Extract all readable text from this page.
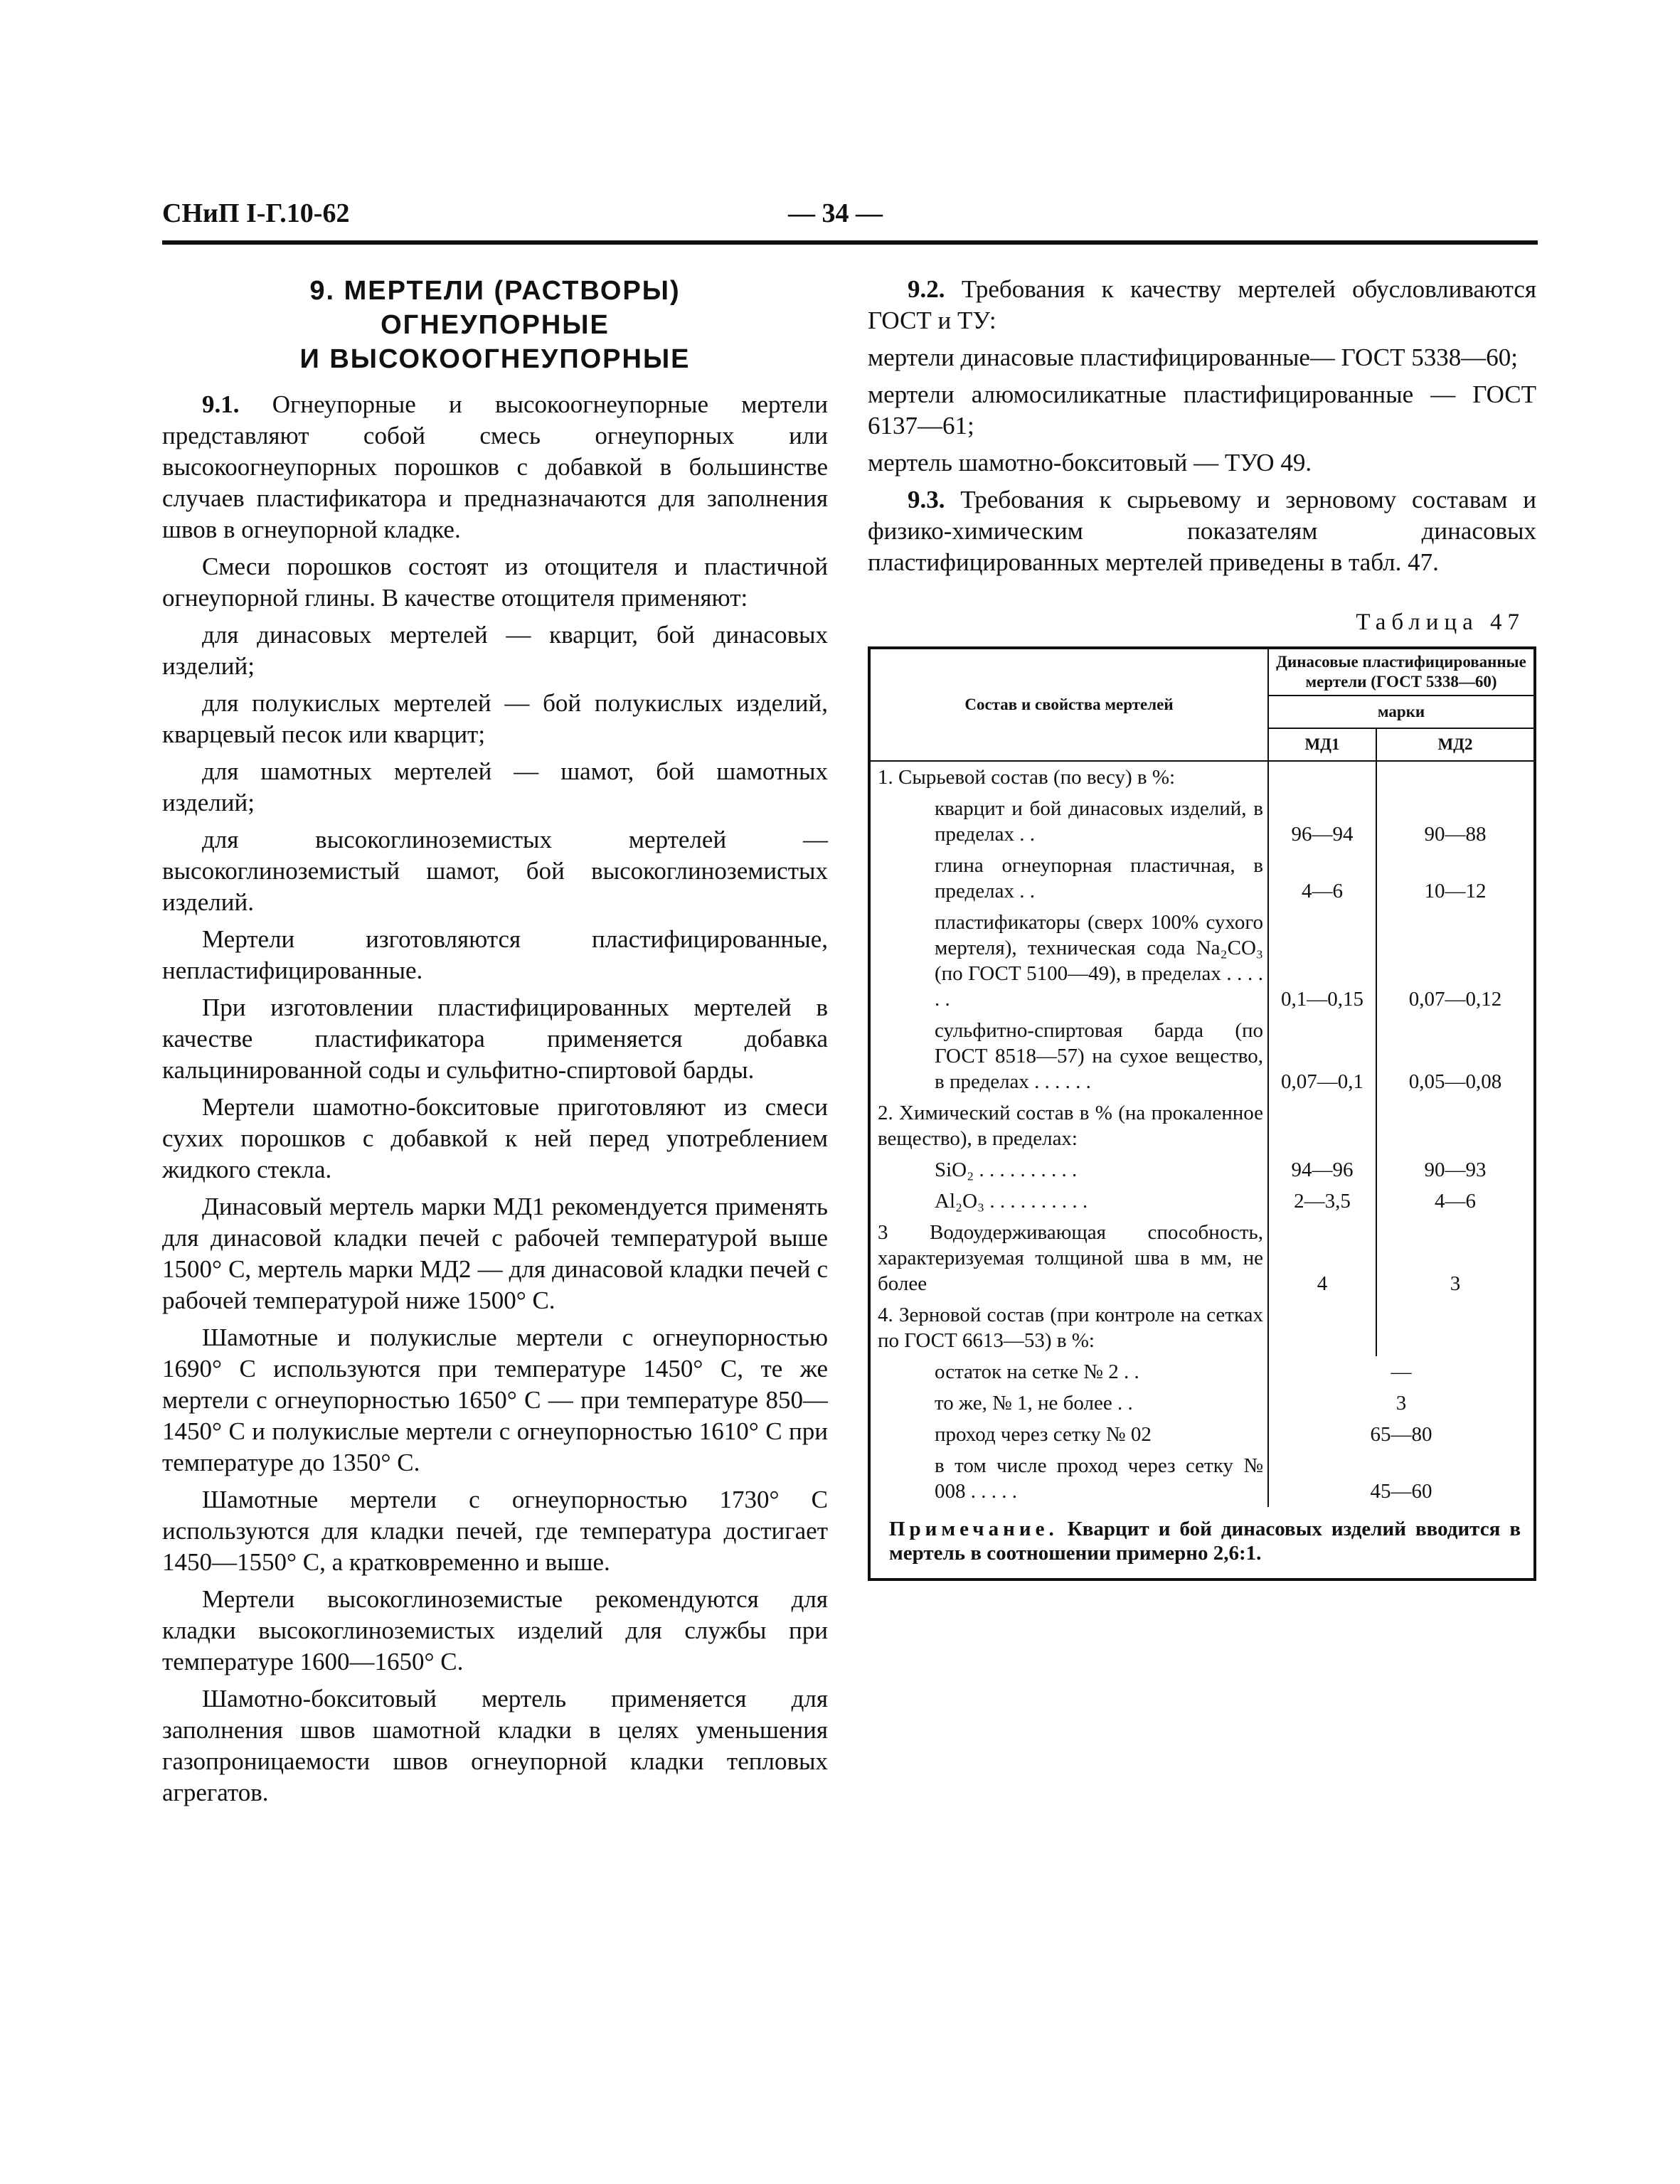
СНиП I-Г.10-62	— 34 —
9. МЕРТЕЛИ (РАСТВОРЫ)
ОГНЕУПОРНЫЕ
И ВЫСОКООГНЕУПОРНЫЕ

9.1. Огнеупорные и высокоогнеупорные мертели представляют собой смесь огнеупорных или высокоогнеупорных порошков с добавкой в большинстве случаев пластификатора и предназначаются для заполнения швов в огнеупорной кладке.

Смеси порошков состоят из отощителя и пластичной огнеупорной глины. В качестве отощителя применяют:

для динасовых мертелей — кварцит, бой динасовых изделий;

для полукислых мертелей — бой полукислых изделий, кварцевый песок или кварцит;

для шамотных мертелей — шамот, бой шамотных изделий;

для высокоглиноземистых мертелей — высокоглиноземистый шамот, бой высокоглиноземистых изделий.

Мертели изготовляются пластифицированные, непластифицированные.

При изготовлении пластифицированных мертелей в качестве пластификатора применяется добавка кальцинированной соды и сульфитно-спиртовой барды.

Мертели шамотно-бокситовые приготовляют из смеси сухих порошков с добавкой к ней перед употреблением жидкого стекла.

Динасовый мертель марки МД1 рекомендуется применять для динасовой кладки печей с рабочей температурой выше 1500° С, мертель марки МД2 — для динасовой кладки печей с рабочей температурой ниже 1500° С.

Шамотные и полукислые мертели с огнеупорностью 1690° С используются при температуре 1450° С, те же мертели с огнеупорностью 1650° С — при температуре 850—1450° С и полукислые мертели с огнеупорностью 1610° С при температуре до 1350° С.

Шамотные мертели с огнеупорностью 1730° С используются для кладки печей, где температура достигает 1450—1550° С, а кратковременно и выше.

Мертели высокоглиноземистые рекомендуются для кладки высокоглиноземистых изделий для службы при температуре 1600—1650° С.

Шамотно-бокситовый мертель применяется для заполнения швов шамотной кладки в целях уменьшения газопроницаемости швов огнеупорной кладки тепловых агрегатов.

9.2. Требования к качеству мертелей обусловливаются ГОСТ и ТУ:

мертели динасовые пластифицированные— ГОСТ 5338—60;

мертели алюмосиликатные пластифицированные — ГОСТ 6137—61;

мертель шамотно-бокситовый — ТУО 49.

9.3. Требования к сырьевому и зерновому составам и физико-химическим показателям динасовых пластифицированных мертелей приведены в табл. 47.

Таблица 47
Состав и свойства мертелей	Динасовые пластифицированные мертели (ГОСТ 5338—60)	
	марки	
	МД1	МД2
1. Сырьевой состав (по весу) в %:		
кварцит и бой динасовых изделий, в пределах . .	96—94	90—88
глина огнеупорная пластичная, в пределах . .	4—6	10—12
пластификаторы (сверх 100% сухого мертеля), техническая сода Na₂CO₃ (по ГОСТ 5100—49), в пределах . . . . . .	0,1—0,15	0,07—0,12
сульфитно-спиртовая барда (по ГОСТ 8518—57) на сухое вещество, в пределах . . . . . .	0,07—0,1	0,05—0,08
2. Химический состав в % (на прокаленное вещество), в пределах:		
SiO₂ . . . . . . . . . .	94—96	90—93
Al₂O₃ . . . . . . . . . .	2—3,5	4—6
3 Водоудерживающая способность, характеризуемая толщиной шва в мм, не более	4	3
4. Зерновой состав (при контроле на сетках по ГОСТ 6613—53) в %:		
остаток на сетке № 2 . .	—	
то же, № 1, не более . .	3	
проход через сетку № 02	65—80	
в том числе проход через сетку № 008 . . . . .	45—60	
Примечание. Кварцит и бой динасовых изделий вводится в мертель в соотношении примерно 2,6:1.
